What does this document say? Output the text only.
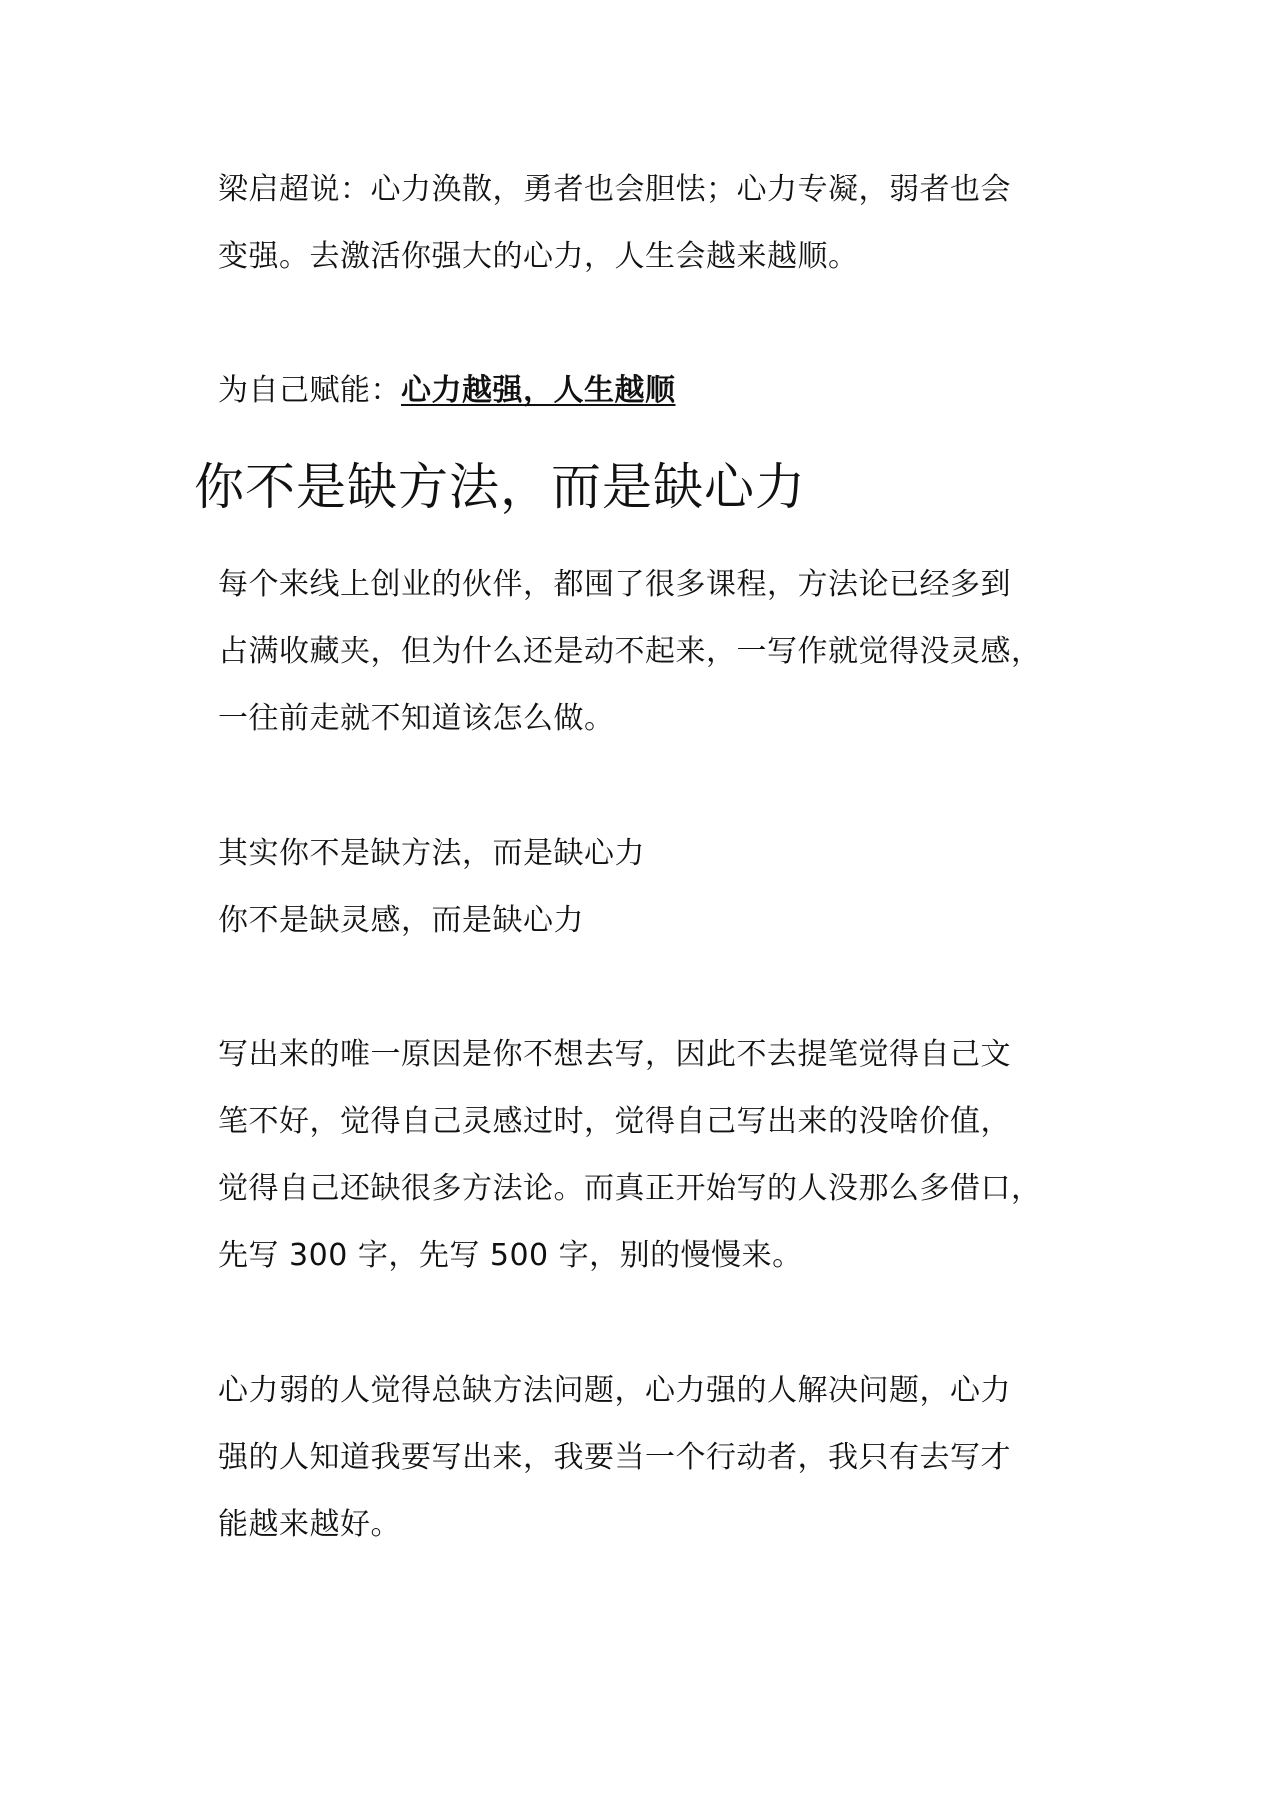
梁启超说：心力涣散，勇者也会胆怯；心力专凝，弱者也会
变强。去激活你强大的心力，人生会越来越顺。
为自己赋能：心力越强，人生越顺
你不是缺方法，而是缺心力
每个来线上创业的伙伴，都囤了很多课程，方法论已经多到
占满收藏夹，但为什么还是动不起来，一写作就觉得没灵感，
一往前走就不知道该怎么做。
其实你不是缺方法，而是缺心力
你不是缺灵感，而是缺心力
写出来的唯一原因是你不想去写，因此不去提笔觉得自己文
笔不好，觉得自己灵感过时，觉得自己写出来的没啥价值，
觉得自己还缺很多方法论。而真正开始写的人没那么多借口，
先写 300 字，先写 500 字，别的慢慢来。
心力弱的人觉得总缺方法问题，心力强的人解决问题，心力
强的人知道我要写出来，我要当一个行动者，我只有去写才
能越来越好。
